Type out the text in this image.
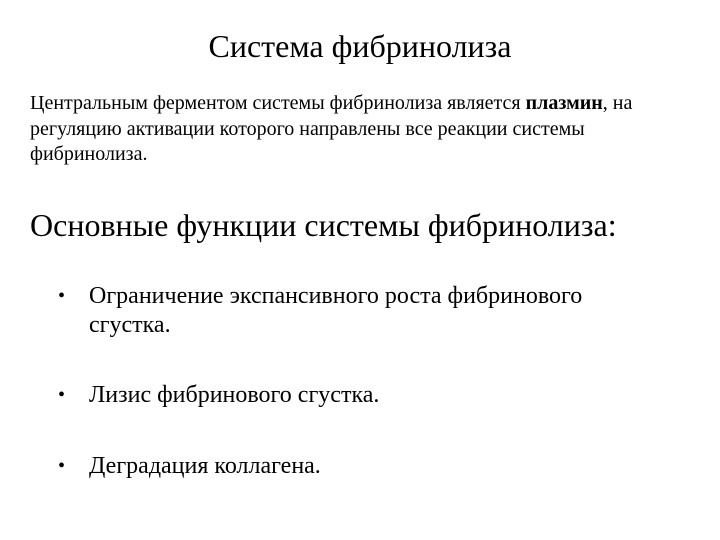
Система фибринолиза
Центральным ферментом системы фибринолиза является плазмин, на регуляцию активации которого направлены все реакции системы фибринолиза.
Основные функции системы фибринолиза:
• Ограничение экспансивного роста фибринового сгустка.
• Лизис фибринового сгустка.
• Деградация коллагена.
